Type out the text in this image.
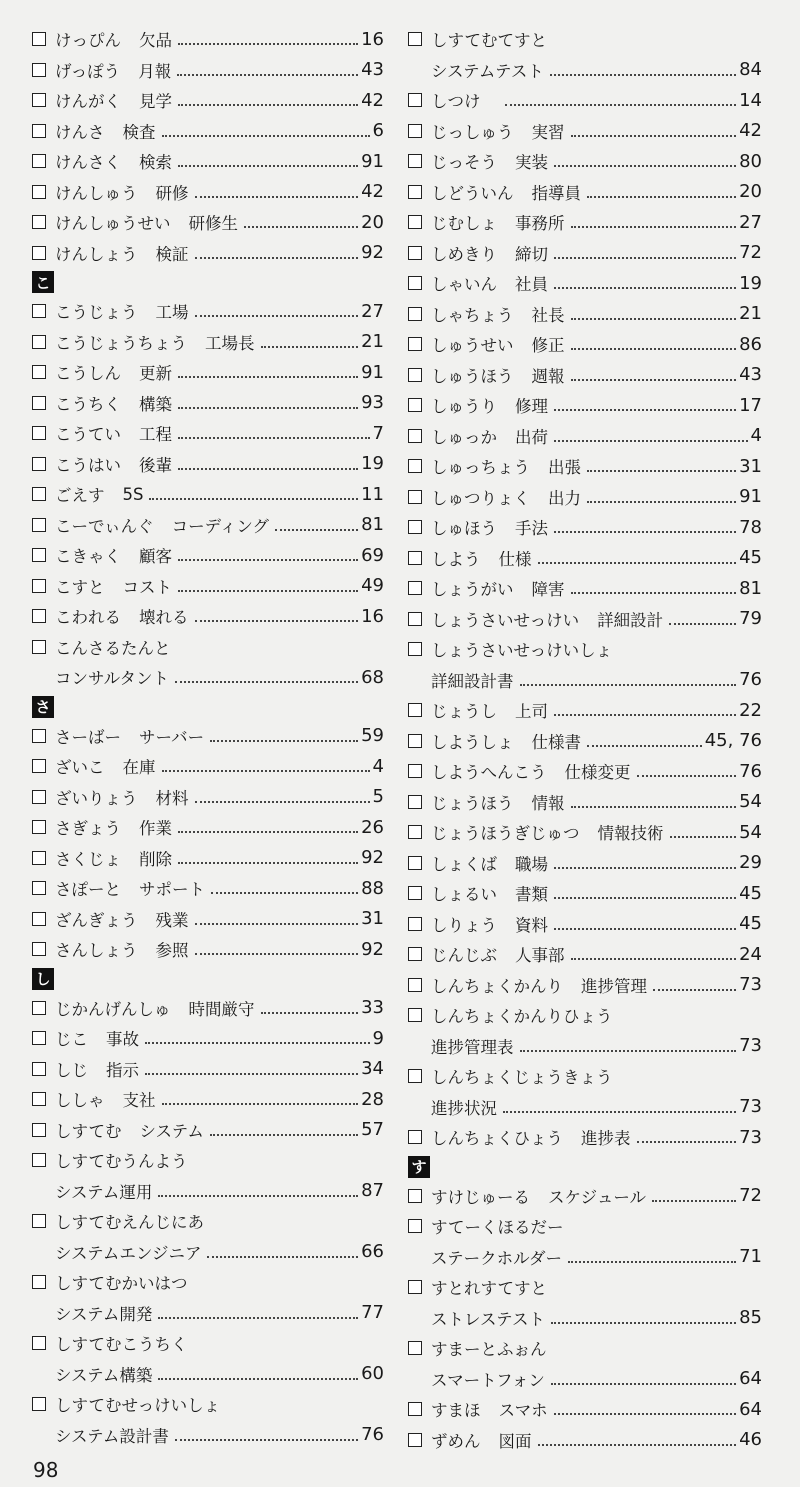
けっぴん 欠品	16
げっぽう 月報	43
けんがく 見学	42
けんさ 検査	6
けんさく 検索	91
けんしゅう 研修	42
けんしゅうせい 研修生	20
けんしょう 検証	92
こ
こうじょう 工場	27
こうじょうちょう 工場長	21
こうしん 更新	91
こうちく 構築	93
こうてい 工程	7
こうはい 後輩	19
ごえす 5S	11
こーでぃんぐ コーディング	81
こきゃく 顧客	69
こすと コスト	49
こわれる 壊れる	16
こんさるたんと
コンサルタント	68
さ
さーばー サーバー	59
ざいこ 在庫	4
ざいりょう 材料	5
さぎょう 作業	26
さくじょ 削除	92
さぽーと サポート	88
ざんぎょう 残業	31
さんしょう 参照	92
し
じかんげんしゅ 時間厳守	33
じこ 事故	9
しじ 指示	34
ししゃ 支社	28
しすてむ システム	57
しすてむうんよう
システム運用	87
しすてむえんじにあ
システムエンジニア	66
しすてむかいはつ
システム開発	77
しすてむこうちく
システム構築	60
しすてむせっけいしょ
システム設計書	76
しすてむてすと
システムテスト	84
しつけ	14
じっしゅう 実習	42
じっそう 実装	80
しどういん 指導員	20
じむしょ 事務所	27
しめきり 締切	72
しゃいん 社員	19
しゃちょう 社長	21
しゅうせい 修正	86
しゅうほう 週報	43
しゅうり 修理	17
しゅっか 出荷	4
しゅっちょう 出張	31
しゅつりょく 出力	91
しゅほう 手法	78
しよう 仕様	45
しょうがい 障害	81
しょうさいせっけい 詳細設計	79
しょうさいせっけいしょ
詳細設計書	76
じょうし 上司	22
しようしょ 仕様書	45, 76
しようへんこう 仕様変更	76
じょうほう 情報	54
じょうほうぎじゅつ 情報技術	54
しょくば 職場	29
しょるい 書類	45
しりょう 資料	45
じんじぶ 人事部	24
しんちょくかんり 進捗管理	73
しんちょくかんりひょう
進捗管理表	73
しんちょくじょうきょう
進捗状況	73
しんちょくひょう 進捗表	73
す
すけじゅーる スケジュール	72
すてーくほるだー
ステークホルダー	71
すとれすてすと
ストレステスト	85
すまーとふぉん
スマートフォン	64
すまほ スマホ	64
ずめん 図面	46
98
